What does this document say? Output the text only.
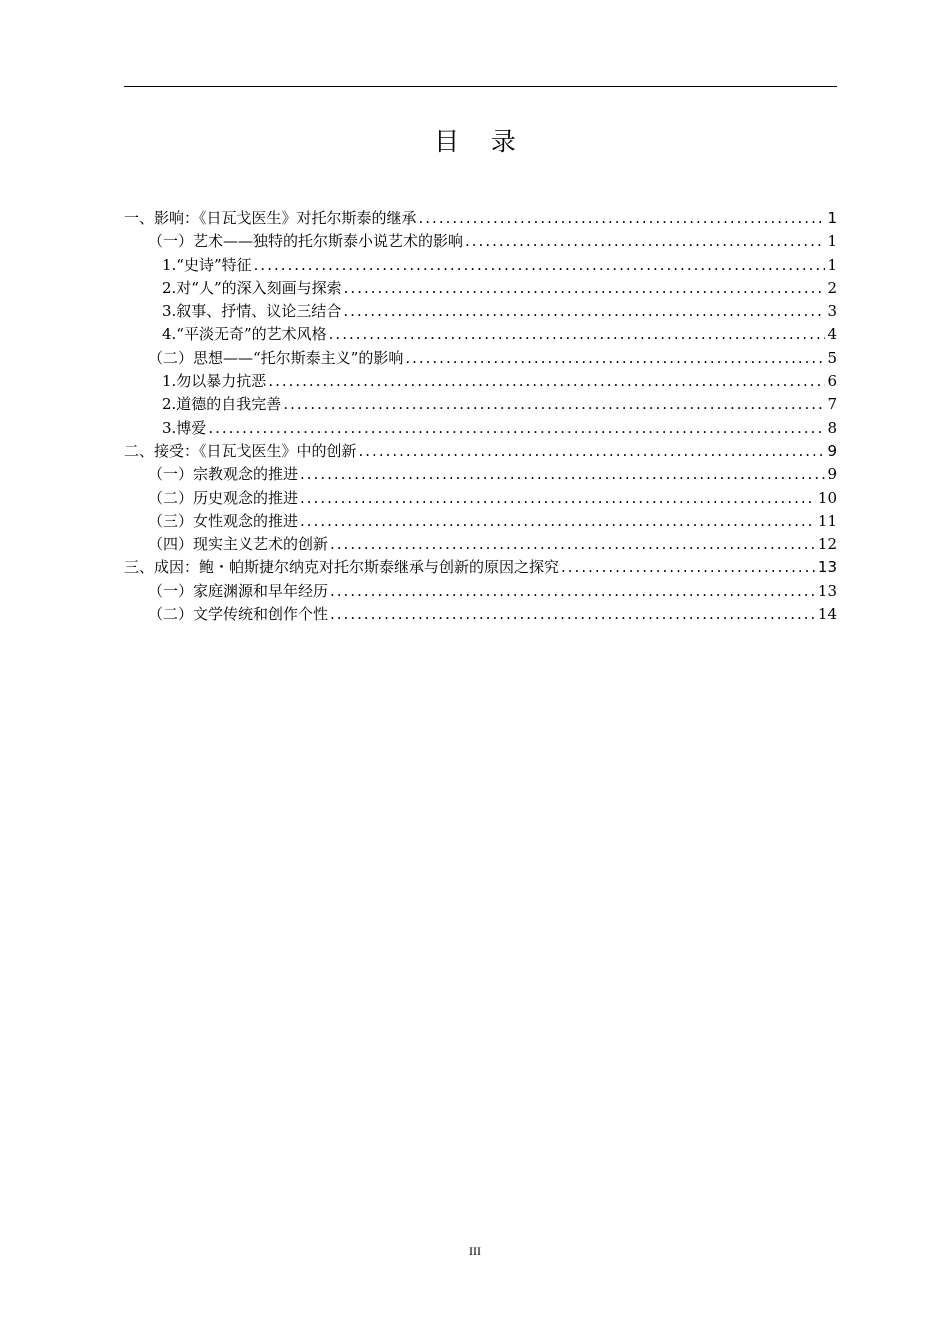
目    录
一、影响：《日瓦戈医生》对托尔斯泰的继承 .....	1
（一）艺术——独特的托尔斯泰小说艺术的影响 .....	1
1.“史诗”特征 .....	1
2.对“人”的深入刻画与探索 .....	2
3.叙事、抒情、议论三结合 .....	3
4.“平淡无奇”的艺术风格 .....	4
（二）思想——“托尔斯泰主义”的影响 .....	5
1.勿以暴力抗恶 .....	6
2.道德的自我完善 .....	7
3.博爱 .....	8
二、接受：《日瓦戈医生》中的创新 .....	9
（一）宗教观念的推进 .....	9
（二）历史观念的推进 .....	10
（三）女性观念的推进 .....	11
（四）现实主义艺术的创新 .....	12
三、成因：鲍・帕斯捷尔纳克对托尔斯泰继承与创新的原因之探究 .....	13
（一）家庭渊源和早年经历 .....	13
（二）文学传统和创作个性 .....	14
III
